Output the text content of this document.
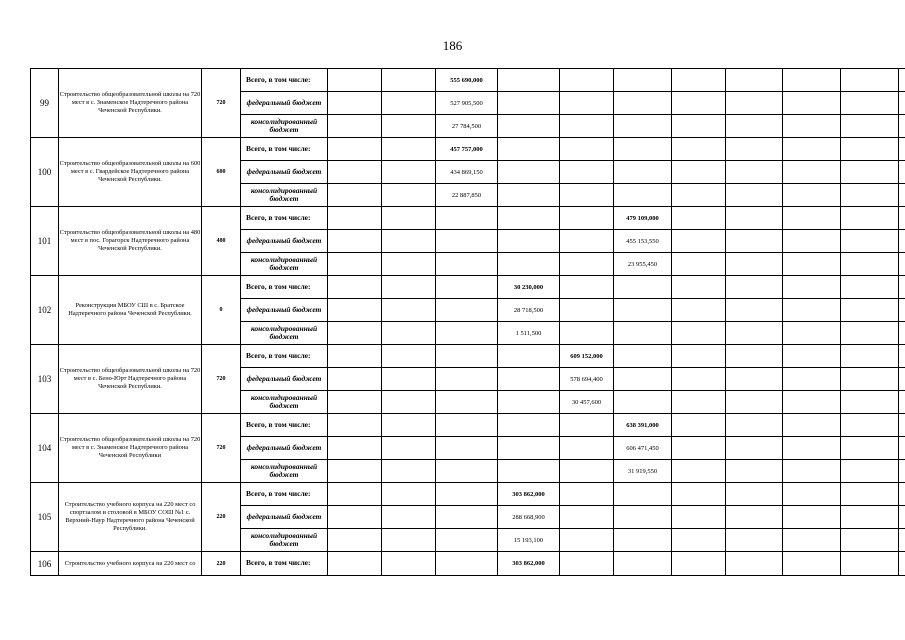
186
99	Строительство общеобразовательной школы на 720 мест в с. Знаменское Надтеречного района Чеченской Республики.	720	Всего, в том числе:			555 690,000								
			федеральный бюджет			527 905,500								
			консолидированный бюджет			27 784,500								
100	Строительство общеобразовательной школы на 600 мест в с. Гвардейское Надтеречного района Чеченской Республики.	600	Всего, в том числе:			457 757,000								
			федеральный бюджет			434 869,150								
			консолидированный бюджет			22 887,850								
101	Строительство общеобразовательной школы на 480 мест в пос. Горагорск Надтеречного района Чеченской Республики.	480	Всего, в том числе:						479 109,000					
			федеральный бюджет						455 153,550					
			консолидированный бюджет						23 955,450					
102	Реконструкция МБОУ СШ в с. Братское Надтеречного района Чеченской Республики.	0	Всего, в том числе:				30 230,000							
			федеральный бюджет				28 718,500							
			консолидированный бюджет				1 511,500							
103	Строительство общеобразовательной школы на 720 мест в с. Бено-Юрт Надтеречного района Чеченской Республики.	720	Всего, в том числе:					609 152,000						
			федеральный бюджет					578 694,400						
			консолидированный бюджет					30 457,600						
104	Строительство общеобразовательной школы на 720 мест в с. Знаменское Надтеречного района Чеченской Республики	720	Всего, в том числе:						638 391,000					
			федеральный бюджет						606 471,450					
			консолидированный бюджет						31 919,550					
105	Строительство учебного корпуса на 220 мест со спортзалом и столовой в МБОУ СОШ №1 с. Верхний-Наур Надтеречного района Чеченской Республики.	220	Всего, в том числе:				303 862,000							
			федеральный бюджет				288 668,900							
			консолидированный бюджет				15 193,100							
106	Строительство учебного корпуса на 220 мест со	220	Всего, в том числе:				303 862,000							
